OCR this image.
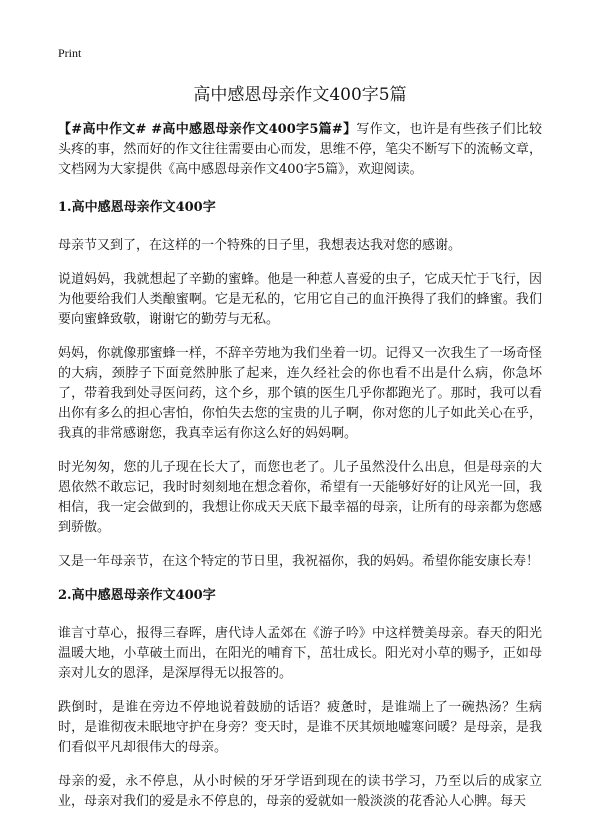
Print
高中感恩母亲作文400字5篇

【#高中作文# #高中感恩母亲作文400字5篇#】写作文，也许是有些孩子们比较头疼的事，然而好的作文往往需要由心而发，思维不停，笔尖不断写下的流畅文章，文档网为大家提供《高中感恩母亲作文400字5篇》，欢迎阅读。

1.高中感恩母亲作文400字

母亲节又到了，在这样的一个特殊的日子里，我想表达我对您的感谢。

说道妈妈，我就想起了辛勤的蜜蜂。他是一种惹人喜爱的虫子，它成天忙于飞行，因为他要给我们人类酿蜜啊。它是无私的，它用它自己的血汗换得了我们的蜂蜜。我们要向蜜蜂致敬，谢谢它的勤劳与无私。

妈妈，你就像那蜜蜂一样，不辞辛劳地为我们坐着一切。记得又一次我生了一场奇怪的大病，颈脖子下面竟然肿胀了起来，连久经社会的你也看不出是什么病，你急坏了，带着我到处寻医问药，这个乡，那个镇的医生几乎你都跑光了。那时，我可以看出你有多么的担心害怕，你怕失去您的宝贵的儿子啊，你对您的儿子如此关心在乎，我真的非常感谢您，我真幸运有你这么好的妈妈啊。

时光匆匆，您的儿子现在长大了，而您也老了。儿子虽然没什么出息，但是母亲的大恩依然不敢忘记，我时时刻刻地在想念着你，希望有一天能够好好的让风光一回，我相信，我一定会做到的，我想让你成天天底下最幸福的母亲，让所有的母亲都为您感到骄傲。

又是一年母亲节，在这个特定的节日里，我祝福你，我的妈妈。希望你能安康长寿！

2.高中感恩母亲作文400字

谁言寸草心，报得三春晖，唐代诗人孟郊在《游子吟》中这样赞美母亲。春天的阳光温暖大地，小草破土而出，在阳光的哺育下，茁壮成长。阳光对小草的赐予，正如母亲对儿女的恩泽，是深厚得无以报答的。

跌倒时，是谁在旁边不停地说着鼓励的话语？疲惫时，是谁端上了一碗热汤？生病时，是谁彻夜未眠地守护在身旁？变天时，是谁不厌其烦地嘘寒问暖？是母亲，是我们看似平凡却很伟大的母亲。

母亲的爱，永不停息，从小时候的牙牙学语到现在的读书学习，乃至以后的成家立业，母亲对我们的爱是永不停息的，母亲的爱就如一般淡淡的花香沁人心脾。每天
